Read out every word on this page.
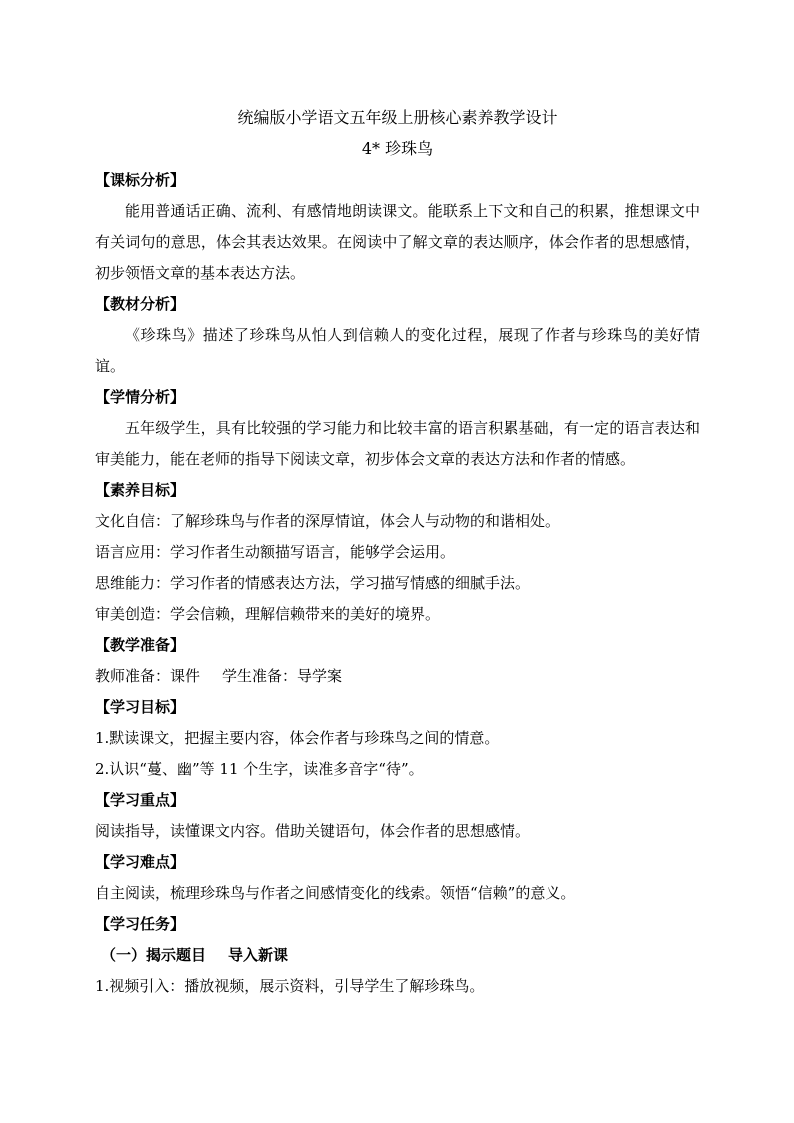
统编版小学语文五年级上册核心素养教学设计
4* 珍珠鸟
【课标分析】

能用普通话正确、流利、有感情地朗读课文。能联系上下文和自己的积累，推想课文中有关词句的意思，体会其表达效果。在阅读中了解文章的表达顺序，体会作者的思想感情，初步领悟文章的基本表达方法。

【教材分析】

《珍珠鸟》描述了珍珠鸟从怕人到信赖人的变化过程，展现了作者与珍珠鸟的美好情谊。

【学情分析】

五年级学生，具有比较强的学习能力和比较丰富的语言积累基础，有一定的语言表达和审美能力，能在老师的指导下阅读文章，初步体会文章的表达方法和作者的情感。

【素养目标】
文化自信：了解珍珠鸟与作者的深厚情谊，体会人与动物的和谐相处。
语言应用：学习作者生动额描写语言，能够学会运用。
思维能力：学习作者的情感表达方法，学习描写情感的细腻手法。
审美创造：学会信赖，理解信赖带来的美好的境界。
【教学准备】
教师准备：课件 学生准备：导学案
【学习目标】
1.默读课文，把握主要内容，体会作者与珍珠鸟之间的情意。
2.认识“蔓、幽”等 11 个生字，读准多音字“待”。
【学习重点】
阅读指导，读懂课文内容。借助关键语句，体会作者的思想感情。
【学习难点】
自主阅读，梳理珍珠鸟与作者之间感情变化的线索。领悟“信赖”的意义。
【学习任务】
（一）揭示题目 导入新课
1.视频引入：播放视频，展示资料，引导学生了解珍珠鸟。
